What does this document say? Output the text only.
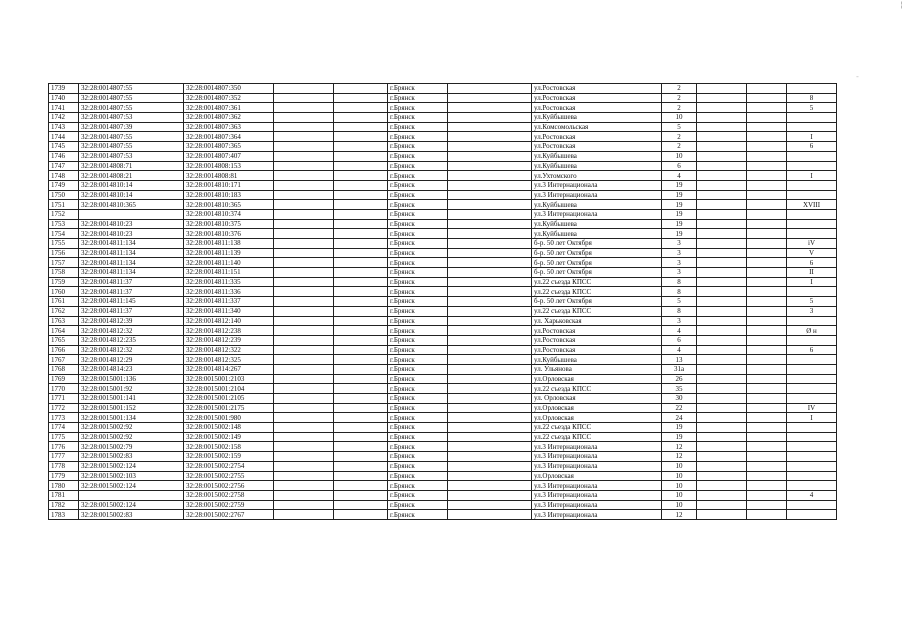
¦
-
1739	32:28:0014807:55	32:28:0014807:350			г.Брянск		ул.Ростовская	2			
1740	32:28:0014807:55	32:28:0014807:352			г.Брянск		ул.Ростовская	2			8
1741	32:28:0014807:55	32:28:0014807:361			г.Брянск		ул.Ростовская	2			5
1742	32:28:0014807:53	32:28:0014807:362			г.Брянск		ул.Куйбышева	10			
1743	32:28:0014807:39	32:28:0014807:363			г.Брянск		ул.Комсомольская	5			
1744	32:28:0014807:55	32:28:0014807:364			г.Брянск		ул.Ростовская	2			I
1745	32:28:0014807:55	32:28:0014807:365			г.Брянск		ул.Ростовская	2			6
1746	32:28:0014807:53	32:28:0014807:407			г.Брянск		ул.Куйбышева	10			
1747	32:28:0014808:71	32:28:0014808:153			г.Брянск		ул.Куйбышева	6			
1748	32:28:0014808:21	32:28:0014808:81			г.Брянск		ул.Ухтомского	4			I
1749	32:28:0014810:14	32:28:0014810:171			г.Брянск		ул.3 Интернационала	19			
1750	32:28:0014810:14	32:28:0014810:183			г.Брянск		ул.3 Интернационала	19			
1751	32:28:0014810:365	32:28:0014810:365			г.Брянск		ул.Куйбышева	19			XVIII
1752		32:28:0014810:374			г.Брянск		ул.3 Интернационала	19			
1753	32:28:0014810:23	32:28:0014810:375			г.Брянск		ул.Куйбышева	19			
1754	32:28:0014810:23	32:28:0014810:376			г.Брянск		ул.Куйбышева	19			
1755	32:28:0014811:134	32:28:0014811:138			г.Брянск		б-р. 50 лет Октября	3			iV
1756	32:28:0014811:134	32:28:0014811:139			г.Брянск		б-р. 50 лет Октября	3			V
1757	32:28:0014811:134	32:28:0014811:140			г.Брянск		б-р. 50 лет Октября	3			6
1758	32:28:0014811:134	32:28:0014811:151			г.Брянск		б-р. 50 лет Октября	3			II
1759	32:28:0014811:37	32:28:0014811:335			г.Брянск		ул.22 съезда КПСС	8			I
1760	32:28:0014811:37	32:28:0014811:336			г.Брянск		ул.22 съезда КПСС	8			
1761	32:28:0014811:145	32:28:0014811:337			г.Брянск		б-р. 50 лет Октября	5			5
1762	32:28:0014811:37	32:28:0014811:340			г.Брянск		ул.22 съезда КПСС	8			3
1763	32:28:0014812:39	32:28:0014812:140			г.Брянск		ул. Харьковская	3			
1764	32:28:0014812:32	32:28:0014812:238			г.Брянск		ул.Ростовская	4			Ø н
1765	32:28:0014812:235	32:28:0014812:239			г.Брянск		ул.Ростовская	6			
1766	32:28:0014812:32	32:28:0014812:322			г.Брянск		ул.Ростовская	4			6
1767	32:28:0014812:29	32:28:0014812:325			г.Брянск		ул.Куйбышева	13			
1768	32:28:0014814:23	32:28:0014814:267			г.Брянск		ул. Ульянова	31а			
1769	32:28:0015001:136	32:28:0015001:2103			г.Брянск		ул.Орловская	26			
1770	32:28:0015001:92	32:28:0015001:2104			г.Брянск		ул.22 съезда КПСС	35			
1771	32:28:0015001:141	32:28:0015001:2105			г.Брянск		ул. Орловская	30			
1772	32:28:0015001:152	32:28:0015001:2175			г.Брянск		ул.Орловская	22			IV
1773	32:28:0015001:134	32:28:0015001:980			г.Брянск		ул.Орловская	24			I
1774	32:28:0015002:92	32:28:0015002:148			г.Брянск		ул.22 съезда КПСС	19			
1775	32:28:0015002:92	32:28:0015002:149			г.Брянск		ул.22 съезда КПСС	19			
1776	32:28:0015002:79	32:28:0015002:158			г.Брянск		ул.3 Интернационала	12			
1777	32:28:0015002:83	32:28:0015002:159			г.Брянск		ул.3 Интернационала	12			
1778	32:28:0015002:124	32:28:0015002:2754			г.Брянск		ул.3 Интернационала	10			
1779	32:28:0015002:103	32:28:0015002:2755			г.Брянск		ул.Орловская	10			
1780	32:28:0015002:124	32:28:0015002:2756			г.Брянск		ул.3 Интернационала	10			
1781		32:28:0015002:2758			г.Брянск		ул.3 Интернационала	10			4
1782	32:28:0015002:124	32:28:0015002:2759			г.Брянск		ул.3 Интернационала	10			
1783	32:28:0015002:83	32:28:0015002:2767			г.Брянск		ул.3 Интернационала	12			
